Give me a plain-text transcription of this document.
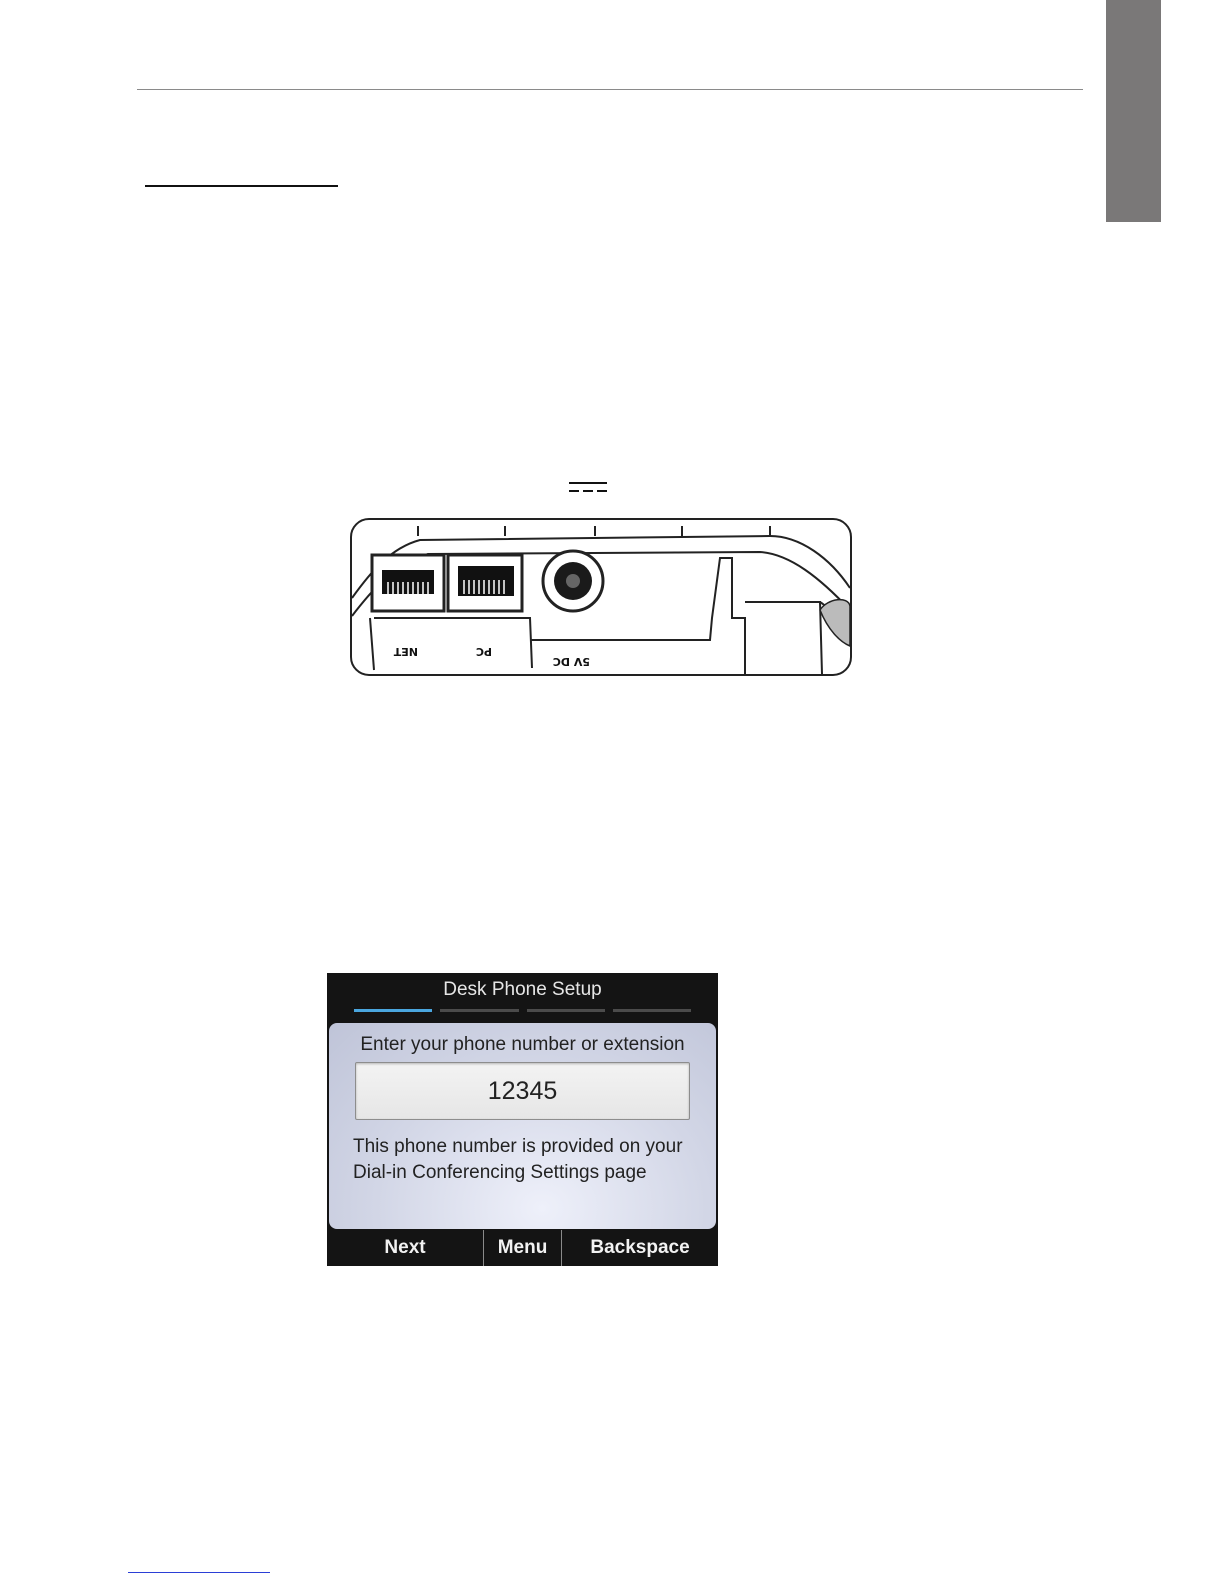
NET	PC
5V DC
Desk Phone Setup
Enter your phone number or extension
12345
This phone number is provided on your
Dial-in Conferencing Settings page
Next	Menu	Backspace
